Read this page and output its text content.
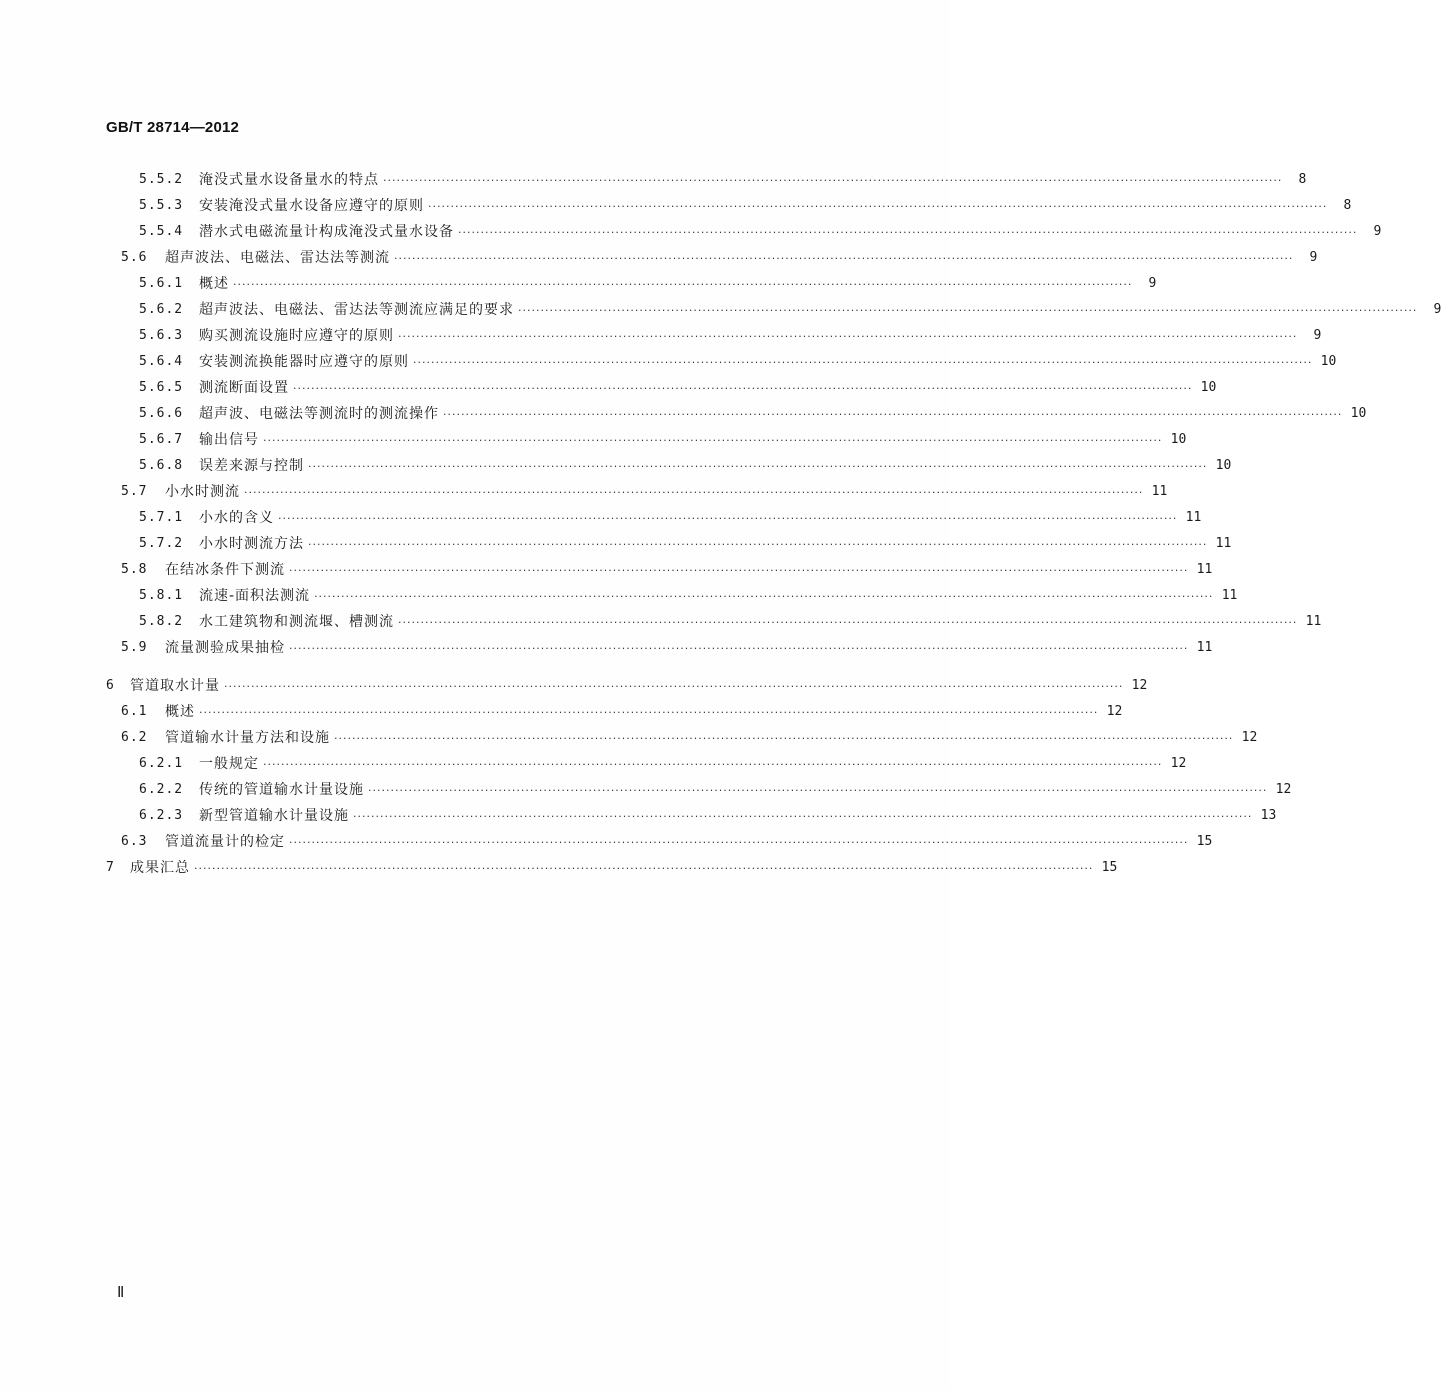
GB/T 28714—2012
5.5.2	淹没式量水设备量水的特点 ········································································································································································································	8
5.5.3	安装淹没式量水设备应遵守的原则 ········································································································································································································	8
5.5.4	潜水式电磁流量计构成淹没式量水设备 ········································································································································································································	9
5.6	超声波法、电磁法、雷达法等测流 ········································································································································································································	9
5.6.1	概述 ········································································································································································································	9
5.6.2	超声波法、电磁法、雷达法等测流应满足的要求 ········································································································································································································	9
5.6.3	购买测流设施时应遵守的原则 ········································································································································································································	9
5.6.4	安装测流换能器时应遵守的原则 ········································································································································································································ 10
5.6.5	测流断面设置 ········································································································································································································ 10
5.6.6	超声波、电磁法等测流时的测流操作 ········································································································································································································ 10
5.6.7	输出信号 ········································································································································································································ 10
5.6.8	误差来源与控制 ········································································································································································································ 10
5.7	小水时测流 ········································································································································································································ 11
5.7.1	小水的含义 ········································································································································································································ 11
5.7.2	小水时测流方法 ········································································································································································································ 11
5.8	在结冰条件下测流 ········································································································································································································ 11
5.8.1	流速-面积法测流 ········································································································································································································ 11
5.8.2	水工建筑物和测流堰、槽测流 ········································································································································································································ 11
5.9	流量测验成果抽检 ········································································································································································································ 11
6	管道取水计量 ········································································································································································································ 12
6.1	概述 ········································································································································································································ 12
6.2	管道输水计量方法和设施 ········································································································································································································ 12
6.2.1	一般规定 ········································································································································································································ 12
6.2.2	传统的管道输水计量设施 ········································································································································································································ 12
6.2.3	新型管道输水计量设施 ········································································································································································································ 13
6.3	管道流量计的检定 ········································································································································································································ 15
7	成果汇总 ········································································································································································································ 15
Ⅱ
